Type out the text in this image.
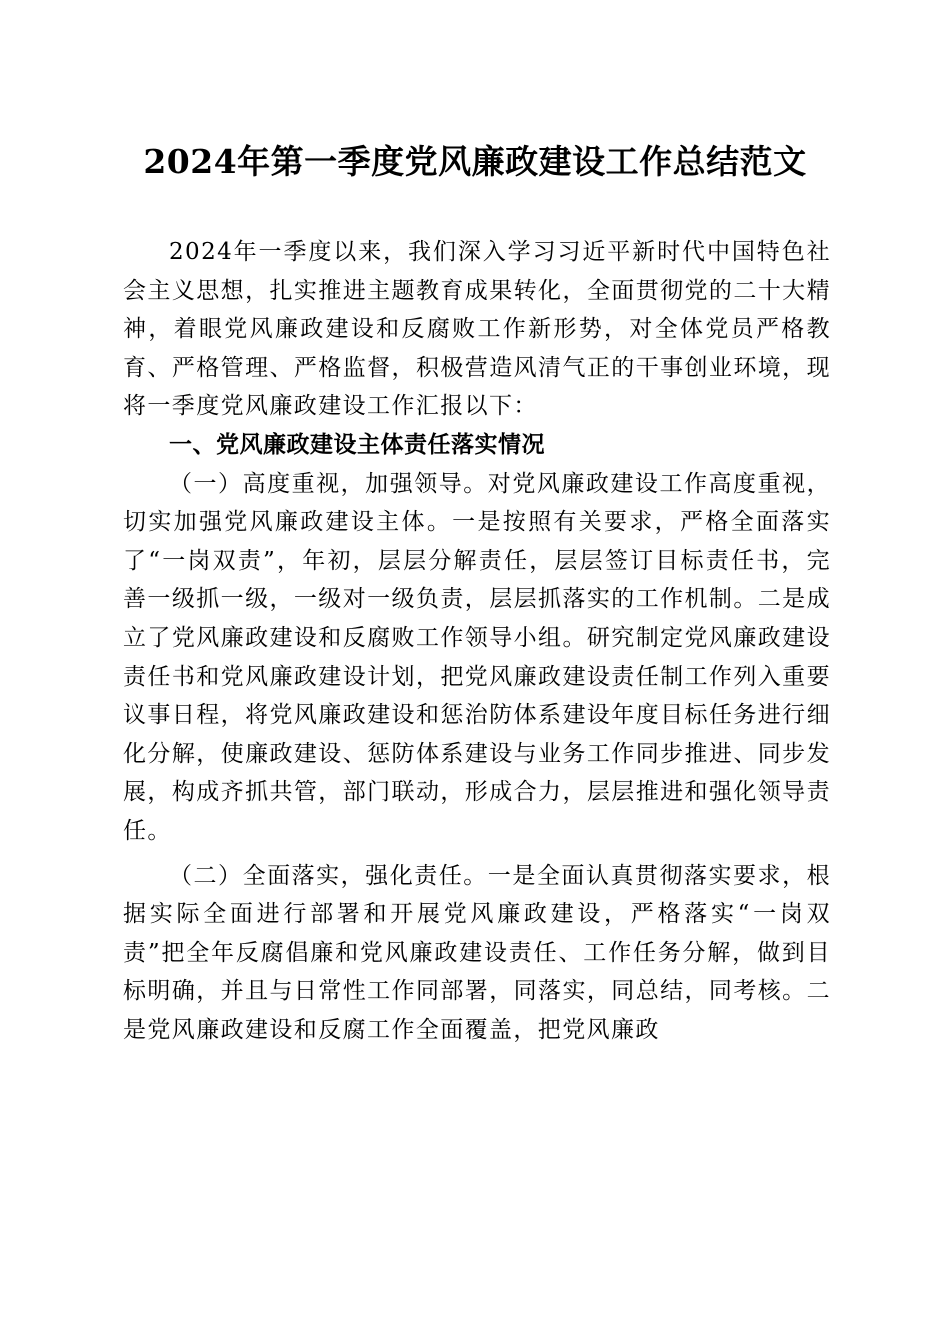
2024年第一季度党风廉政建设工作总结范文

2024年一季度以来，我们深入学习习近平新时代中国特色社会主义思想，扎实推进主题教育成果转化，全面贯彻党的二十大精神，着眼党风廉政建设和反腐败工作新形势，对全体党员严格教育、严格管理、严格监督，积极营造风清气正的干事创业环境，现将一季度党风廉政建设工作汇报以下：

一、党风廉政建设主体责任落实情况

（一）高度重视，加强领导。对党风廉政建设工作高度重视，切实加强党风廉政建设主体。一是按照有关要求，严格全面落实了“一岗双责”，年初，层层分解责任，层层签订目标责任书，完善一级抓一级，一级对一级负责，层层抓落实的工作机制。二是成立了党风廉政建设和反腐败工作领导小组。研究制定党风廉政建设责任书和党风廉政建设计划，把党风廉政建设责任制工作列入重要议事日程，将党风廉政建设和惩治防体系建设年度目标任务进行细化分解，使廉政建设、惩防体系建设与业务工作同步推进、同步发展，构成齐抓共管，部门联动，形成合力，层层推进和强化领导责任。

（二）全面落实，强化责任。一是全面认真贯彻落实要求，根据实际全面进行部署和开展党风廉政建设，严格落实“一岗双责”把全年反腐倡廉和党风廉政建设责任、工作任务分解，做到目标明确，并且与日常性工作同部署，同落实，同总结，同考核。二是党风廉政建设和反腐工作全面覆盖，把党风廉政
